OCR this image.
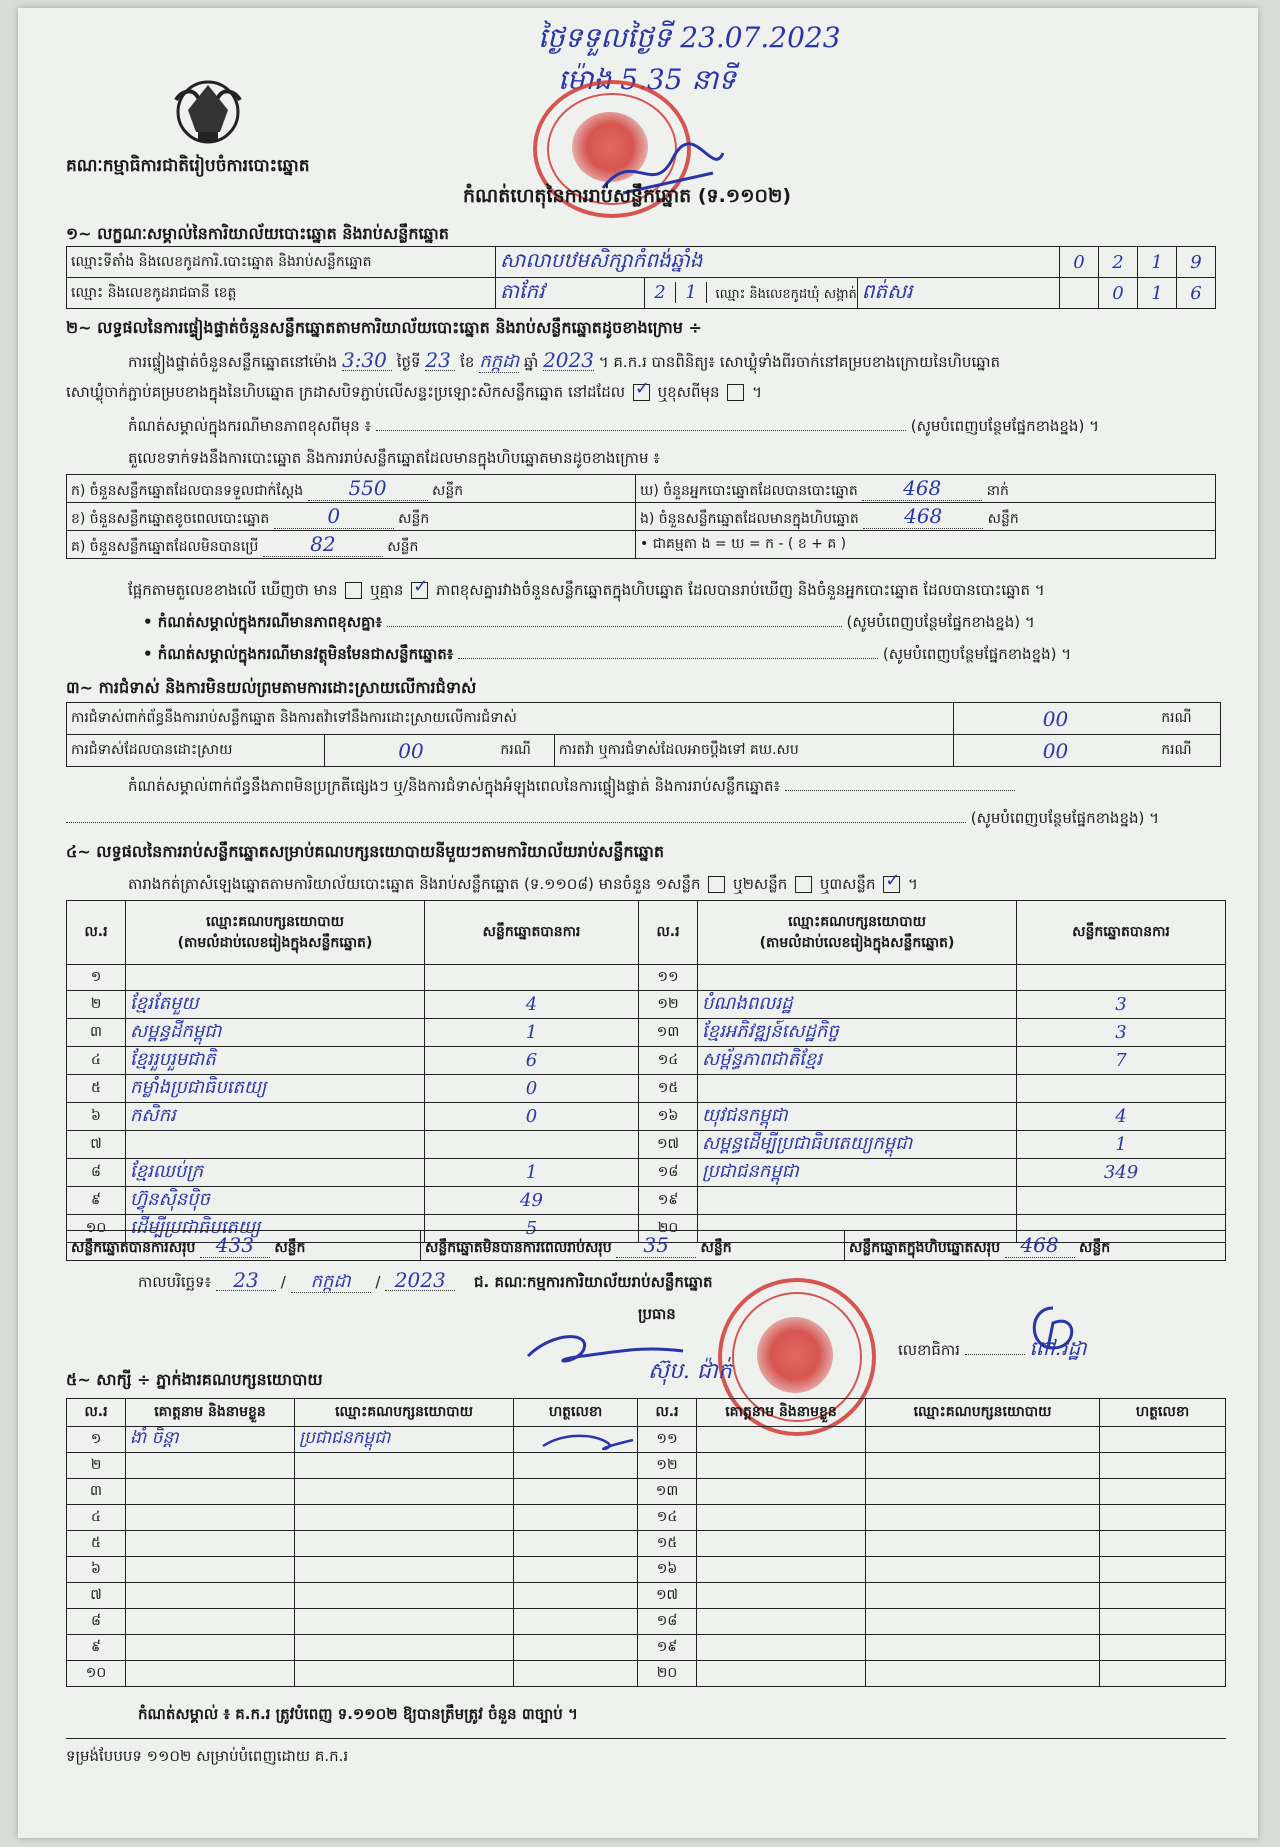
ថ្ងៃទទួលថ្ងៃទី 23.07.2023
ម៉ោង 5.35 នាទី
គណៈកម្មាធិការជាតិរៀបចំការបោះឆ្នោត
កំណត់ហេតុនៃការរាប់សន្លឹកឆ្នោត (ទ.១១០២)
១~ លក្ខណៈសម្គាល់នៃការិយាល័យបោះឆ្នោត និងរាប់សន្លឹកឆ្នោត
ឈ្មោះទីតាំង និងលេខកូដការិ.បោះឆ្នោត និងរាប់សន្លឹកឆ្នោត	សាលាបឋមសិក្សាកំពង់ឆ្នាំង			0	2	1	9
ឈ្មោះ និងលេខកូដរាជធានី ខេត្ត	តាកែវ	2 1 ឈ្មោះ និងលេខកូដឃុំ សង្កាត់	ពត់សរ		0	1	6
២~ លទ្ធផលនៃការផ្ទៀងផ្ទាត់ចំនួនសន្លឹកឆ្នោតតាមការិយាល័យបោះឆ្នោត និងរាប់សន្លឹកឆ្នោតដូចខាងក្រោម ÷
ការផ្ទៀងផ្ទាត់ចំនួនសន្លឹកឆ្នោតនៅម៉ោង 3:30 ថ្ងៃទី 23 ខែ កក្កដា ឆ្នាំ 2023 ។ គ.ក.រ បានពិនិត្យ៖ សោឃ្លុំទាំងពីរចាក់នៅគម្របខាងក្រោយនៃហិបឆ្នោត
សោឃ្លុំចាក់ភ្ជាប់គម្របខាងក្នុងនៃហិបឆ្នោត ក្រដាសបិទភ្ជាប់លើសន្ទះប្រឡោះសិកសន្លឹកឆ្នោត នៅដដែល ✓ ឬខុសពីមុន ។
កំណត់សម្គាល់ក្នុងករណីមានភាពខុសពីមុន ៖	(សូមបំពេញបន្ថែមផ្នែកខាងខ្នង) ។
តួលេខទាក់ទងនឹងការបោះឆ្នោត និងការរាប់សន្លឹកឆ្នោតដែលមានក្នុងហិបឆ្នោតមានដូចខាងក្រោម ៖
ក) ចំនួនសន្លឹកឆ្នោតដែលបានទទួលជាក់ស្តែង 550 សន្លឹក	ឃ) ចំនួនអ្នកបោះឆ្នោតដែលបានបោះឆ្នោត 468 នាក់
ខ) ចំនួនសន្លឹកឆ្នោតខូចពេលបោះឆ្នោត 0 សន្លឹក	ង) ចំនួនសន្លឹកឆ្នោតដែលមានក្នុងហិបឆ្នោត 468 សន្លឹក
គ) ចំនួនសន្លឹកឆ្នោតដែលមិនបានប្រើ 82 សន្លឹក	• ជាគម្មតា ង = ឃ = ក - ( ខ + គ )
ផ្អែកតាមតួលេខខាងលើ ឃើញថា មាន ឬគ្មាន ✓ ភាពខុសគ្នារវាងចំនួនសន្លឹកឆ្នោតក្នុងហិបឆ្នោត ដែលបានរាប់ឃើញ និងចំនួនអ្នកបោះឆ្នោត ដែលបានបោះឆ្នោត ។
• កំណត់សម្គាល់ក្នុងករណីមានភាពខុសគ្នា៖	(សូមបំពេញបន្ថែមផ្នែកខាងខ្នង) ។
• កំណត់សម្គាល់ក្នុងករណីមានវត្ថុមិនមែនជាសន្លឹកឆ្នោត៖	(សូមបំពេញបន្ថែមផ្នែកខាងខ្នង) ។
៣~ ការជំទាស់ និងការមិនយល់ព្រមតាមការដោះស្រាយលើការជំទាស់
ការជំទាស់ពាក់ព័ន្ធនឹងការរាប់សន្លឹកឆ្នោត និងការតវ៉ាទៅនឹងការដោះស្រាយលើការជំទាស់				00	ករណី
ការជំទាស់ដែលបានដោះស្រាយ	00	ករណី	ការតវ៉ា ឬការជំទាស់ដែលអាចប្តឹងទៅ គឃ.សប	00	ករណី
កំណត់សម្គាល់ពាក់ព័ន្ធនឹងភាពមិនប្រក្រតីផ្សេងៗ ឬ/និងការជំទាស់ក្នុងអំឡុងពេលនៃការផ្ទៀងផ្ទាត់ និងការរាប់សន្លឹកឆ្នោត៖
(សូមបំពេញបន្ថែមផ្នែកខាងខ្នង) ។
៤~ លទ្ធផលនៃការរាប់សន្លឹកឆ្នោតសម្រាប់គណបក្សនយោបាយនីមួយៗតាមការិយាល័យរាប់សន្លឹកឆ្នោត
តារាងកត់ត្រាសំឡេងឆ្នោតតាមការិយាល័យបោះឆ្នោត និងរាប់សន្លឹកឆ្នោត (ទ.១១០៨) មានចំនួន ១សន្លឹក ឬ២សន្លឹក ឬ៣សន្លឹក ✓ ។
ល.រ	ឈ្មោះគណបក្សនយោបាយ
(តាមលំដាប់លេខរៀងក្នុងសន្លឹកឆ្នោត)	សន្លឹកឆ្នោតបានការ	ល.រ	ឈ្មោះគណបក្សនយោបាយ
(តាមលំដាប់លេខរៀងក្នុងសន្លឹកឆ្នោត)	សន្លឹកឆ្នោតបានការ
១			១១		
២	ខ្មែរតែមួយ	4	១២	បំណងពលរដ្ឋ	3
៣	សម្ពន្ធដីកម្ពុជា	1	១៣	ខ្មែរអភិវឌ្ឍន៍សេដ្ឋកិច្ច	3
៤	ខ្មែររួបរួមជាតិ	6	១៤	សម្ព័ន្ធភាពជាតិខ្មែរ	7
៥	កម្លាំងប្រជាធិបតេយ្យ	0	១៥		
៦	កសិករ	0	១៦	យុវជនកម្ពុជា	4
៧			១៧	សម្ពន្ធដើម្បីប្រជាធិបតេយ្យកម្ពុជា	1
៨	ខ្មែរឈប់ក្រ	1	១៨	ប្រជាជនកម្ពុជា	349
៩	ហ៊្វុនស៊ិនប៉ិច	49	១៩		
១០	ដើម្បីប្រជាធិបតេយ្យ	5	២០		
សន្លឹកឆ្នោតបានការសរុប 433 សន្លឹក	សន្លឹកឆ្នោតមិនបានការពេលរាប់សរុប 35 សន្លឹក	សន្លឹកឆ្នោតក្នុងហិបឆ្នោតសរុប 468 សន្លឹក
កាលបរិច្ឆេទ៖ 23 / កក្កដា / 2023 ជ. គណៈកម្មការការិយាល័យរាប់សន្លឹកឆ្នោត
ប្រធាន
ស៊ុប. ជ៉ាក់
លេខាធិការ	ពៅ.រដ្ឋា
៥~ សាក្សី ÷ ភ្នាក់ងារគណបក្សនយោបាយ
ល.រ	គោត្តនាម និងនាមខ្លួន	ឈ្មោះគណបក្សនយោបាយ	ហត្ថលេខា	ល.រ	គោត្តនាម និងនាមខ្លួន	ឈ្មោះគណបក្សនយោបាយ	ហត្ថលេខា
១	ងាំ ចិន្តា	ប្រជាជនកម្ពុជា		១១			
២				១២			
៣				១៣			
៤				១៤			
៥				១៥			
៦				១៦			
៧				១៧			
៨				១៨			
៩				១៩			
១០				២០			
កំណត់សម្គាល់ ៖ គ.ក.រ ត្រូវបំពេញ ទ.១១០២ ឱ្យបានត្រឹមត្រូវ ចំនួន ៣ច្បាប់ ។
ទម្រង់បែបបទ ១១០២ សម្រាប់បំពេញដោយ គ.ក.រ
